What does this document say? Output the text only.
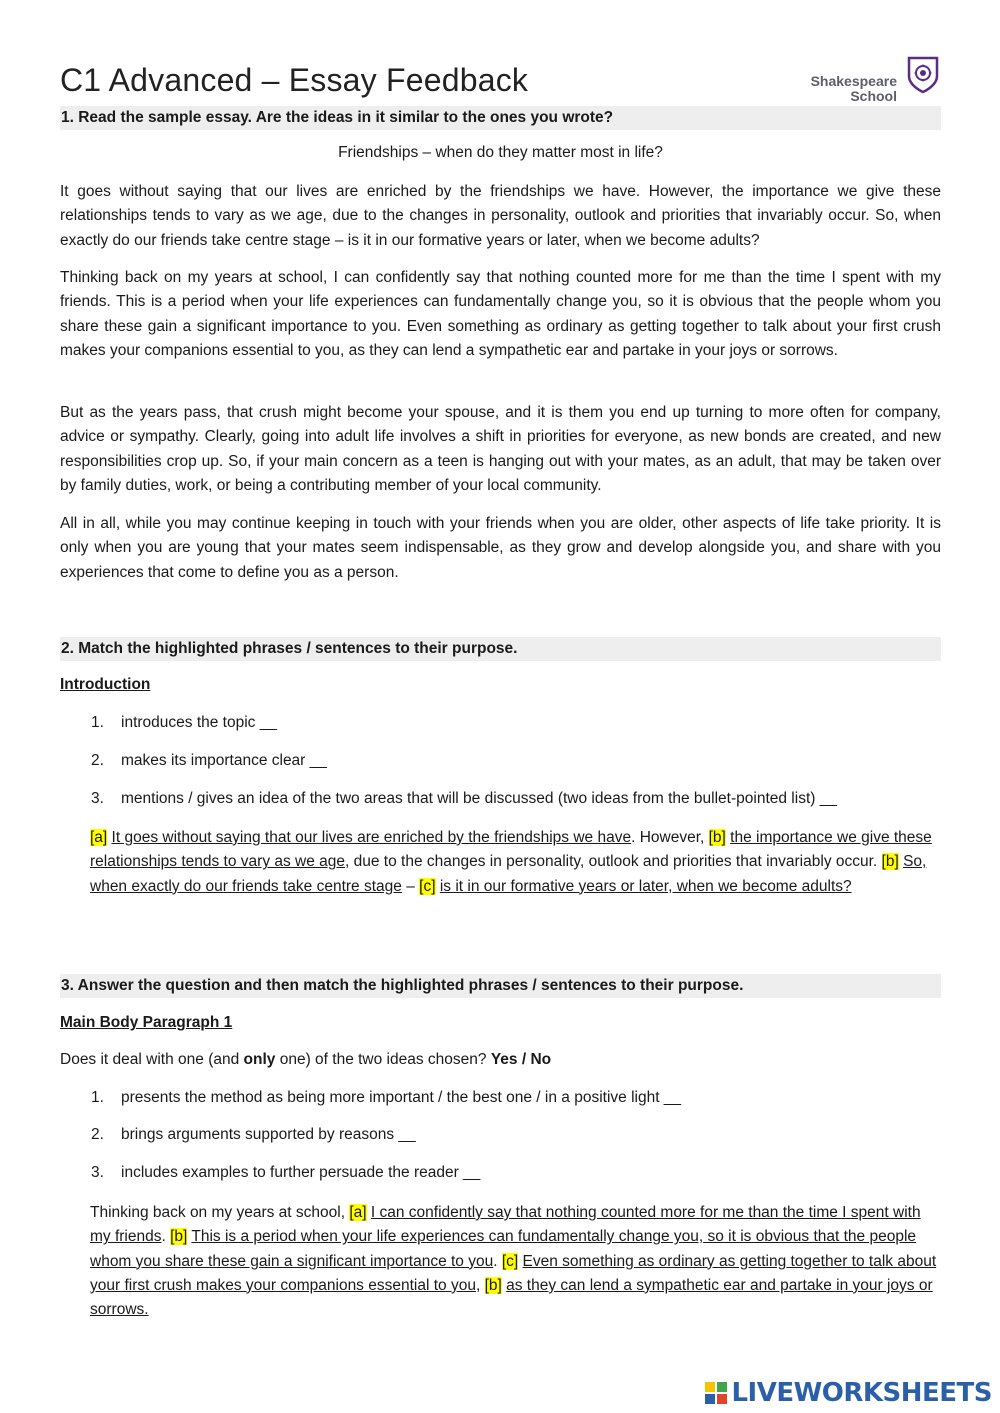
C1 Advanced – Essay Feedback	Shakespeare

School
1. Read the sample essay. Are the ideas in it similar to the ones you wrote?
Friendships – when do they matter most in life?

It goes without saying that our lives are enriched by the friendships we have. However, the importance we give these relationships tends to vary as we age, due to the changes in personality, outlook and priorities that invariably occur. So, when exactly do our friends take centre stage – is it in our formative years or later, when we become adults?

Thinking back on my years at school, I can confidently say that nothing counted more for me than the time I spent with my friends. This is a period when your life experiences can fundamentally change you, so it is obvious that the people whom you share these gain a significant importance to you. Even something as ordinary as getting together to talk about your first crush makes your companions essential to you, as they can lend a sympathetic ear and partake in your joys or sorrows.

But as the years pass, that crush might become your spouse, and it is them you end up turning to more often for company, advice or sympathy. Clearly, going into adult life involves a shift in priorities for everyone, as new bonds are created, and new responsibilities crop up. So, if your main concern as a teen is hanging out with your mates, as an adult, that may be taken over by family duties, work, or being a contributing member of your local community.

All in all, while you may continue keeping in touch with your friends when you are older, other aspects of life take priority. It is only when you are young that your mates seem indispensable, as they grow and develop alongside you, and share with you experiences that come to define you as a person.

2. Match the highlighted phrases / sentences to their purpose.
Introduction
1. introduces the topic __
2. makes its importance clear __
3. mentions / gives an idea of the two areas that will be discussed (two ideas from the bullet-pointed list) __

[a] It goes without saying that our lives are enriched by the friendships we have. However, [b] the importance we give these relationships tends to vary as we age, due to the changes in personality, outlook and priorities that invariably occur. [b] So, when exactly do our friends take centre stage – [c] is it in our formative years or later, when we become adults?

3. Answer the question and then match the highlighted phrases / sentences to their purpose.
Main Body Paragraph 1
Does it deal with one (and only one) of the two ideas chosen? Yes / No
1. presents the method as being more important / the best one / in a positive light __
2. brings arguments supported by reasons __
3. includes examples to further persuade the reader __

Thinking back on my years at school, [a] I can confidently say that nothing counted more for me than the time I spent with my friends. [b] This is a period when your life experiences can fundamentally change you, so it is obvious that the people whom you share these gain a significant importance to you. [c] Even something as ordinary as getting together to talk about your first crush makes your companions essential to you, [b] as they can lend a sympathetic ear and partake in your joys or sorrows.

LIVEWORKSHEETS
